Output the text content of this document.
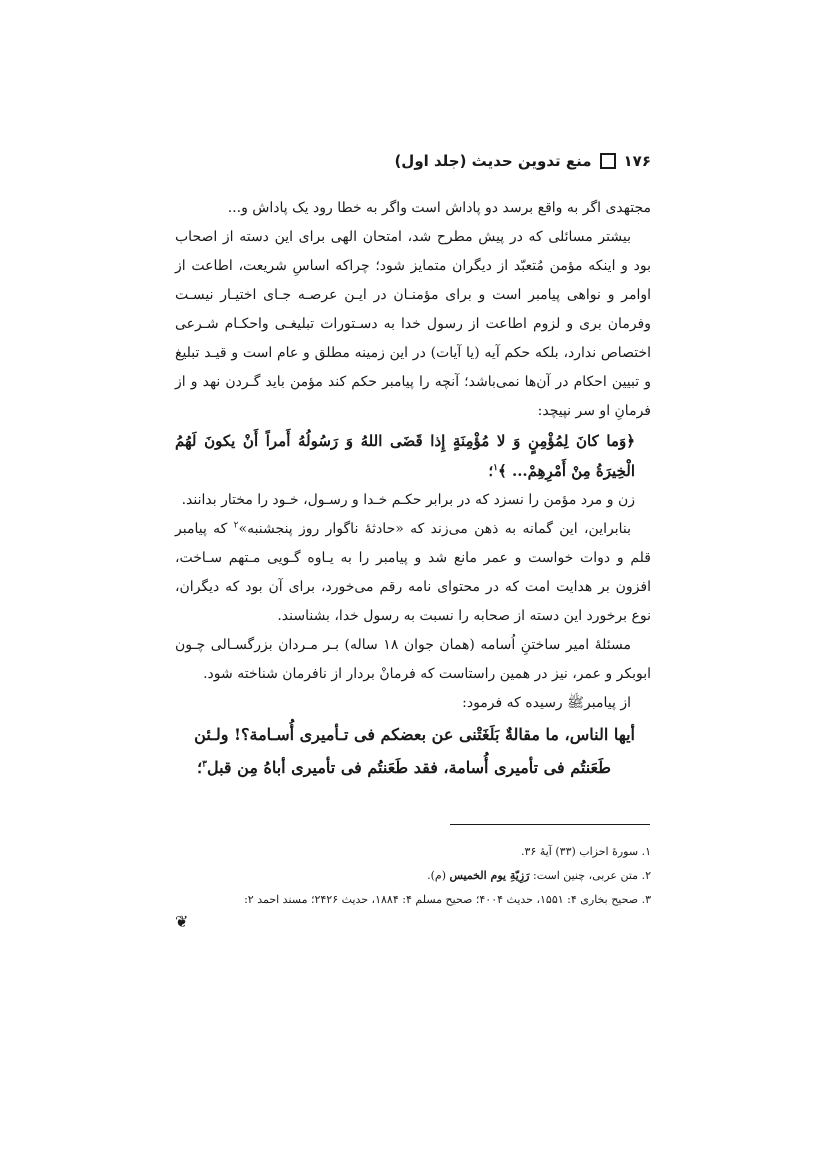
۱۷۶
منع تدوین حدیث (جلد اول)

مجتهدی اگر به واقع برسد دو پاداش است واگر به خطا رود یک پاداش و...

بیشتر مسائلی که در پیش مطرح شد، امتحان الهی برای این دسته از اصحاب بود و اینکه مؤمن مُتعبّد از دیگران متمایز شود؛ چراکه اساسِ شریعت، اطاعت از اوامر و نواهی پیامبر است و برای مؤمنـان در ایـن عرصـه جـای اختیـار نیسـت وفرمان بری و لزوم اطاعت از رسول خدا به دسـتورات تبلیغـی واحکـام شـرعی اختصاص ندارد، بلکه حکم آیه (یا آیات) در این زمینه مطلق و عام است و قیـد تبلیغ و تبیین احکام در آن‌ها نمی‌باشد؛ آنچه را پیامبر حکم کند مؤمن باید گـردن نهد و از فرمانِ او سر نپیچد:

﴿وَما كانَ لِمُؤْمِنٍ وَ لا مُؤْمِنَةٍ إِذا قَضَى اللهُ وَ رَسُولُهُ أَمراً أَنْ يكونَ لَهُمُ الْخِيرَةُ مِنْ أَمْرِهِمْ... ﴾$^۱$؛

زن و مرد مؤمن را نسزد که در برابر حکـم خـدا و رسـول، خـود را مختار بدانند.

بنابراین، این گمانه به ذهن می‌زند که «حادثهٔ ناگوار روز پنجشنبه»$^۲$ که پیامبر قلم و دوات خواست و عمر مانع شد و پیامبر را به یـاوه گـویی مـتهم سـاخت، افزون بر هدایت امت که در محتوای نامه رقم می‌خورد، برای آن بود که دیگران، نوع برخورد این دسته از صحابه را نسبت به رسول خدا، بشناسند.

مسئلهٔ امیر ساختنِ اُسامه (همان جوان ۱۸ ساله) بـر مـردان بزرگسـالی چـون ابوبکر و عمر، نیز در همین راستاست که فرمانْ بردار از نافرمان شناخته شود.

از پیامبرﷺ رسیده که فرمود:

أيها الناس، ما مقالةٌ بَلَغَتْنی عن بعضكم فی تـأميری أُسـامة؟! ولـئن

طَعَنتُم فی تأميری أُسامة، فقد طَعَنتُم فی تأميری أباهُ مِن قبل$^۳$؛

۱. سورهٔ احزاب (۳۳) آیهٔ ۳۶.

۲. متن عربی، چنین است: رَزِيّةِ يوم الخميس (م).

۳. صحیح بخاری ۴: ۱۵۵۱، حدیث ۴۰۰۴؛ صحیح مسلم ۴: ۱۸۸۴، حدیث ۲۴۲۶؛ مسند احمد ۲:

❦
